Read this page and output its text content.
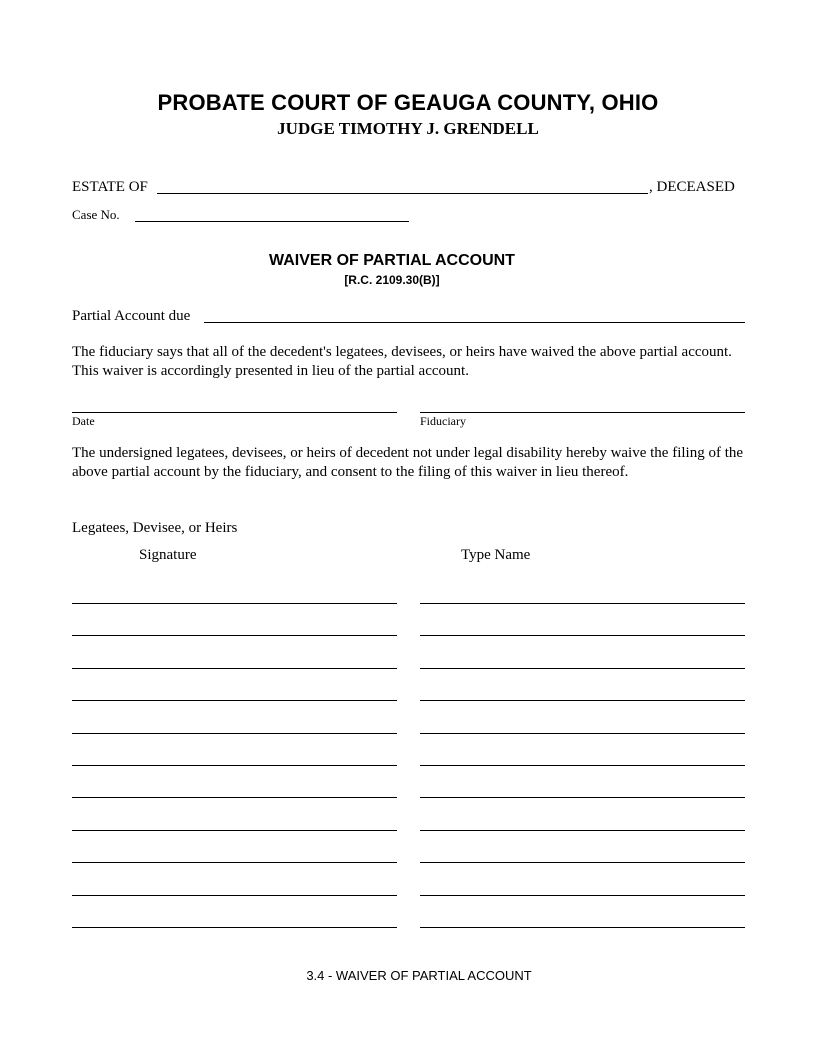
PROBATE COURT OF GEAUGA COUNTY, OHIO
JUDGE TIMOTHY J. GRENDELL
ESTATE OF	, DECEASED
Case No.
WAIVER OF PARTIAL ACCOUNT
[R.C. 2109.30(B)]
Partial Account due
The fiduciary says that all of the decedent's legatees, devisees, or heirs have waived the above partial account. This waiver is accordingly presented in lieu of the partial account.
Date	Fiduciary
The undersigned legatees, devisees, or heirs of decedent not under legal disability hereby waive the filing of the above partial account by the fiduciary, and consent to the filing of this waiver in lieu thereof.
Legatees, Devisee, or Heirs
Signature	Type Name
3.4 - WAIVER OF PARTIAL ACCOUNT
